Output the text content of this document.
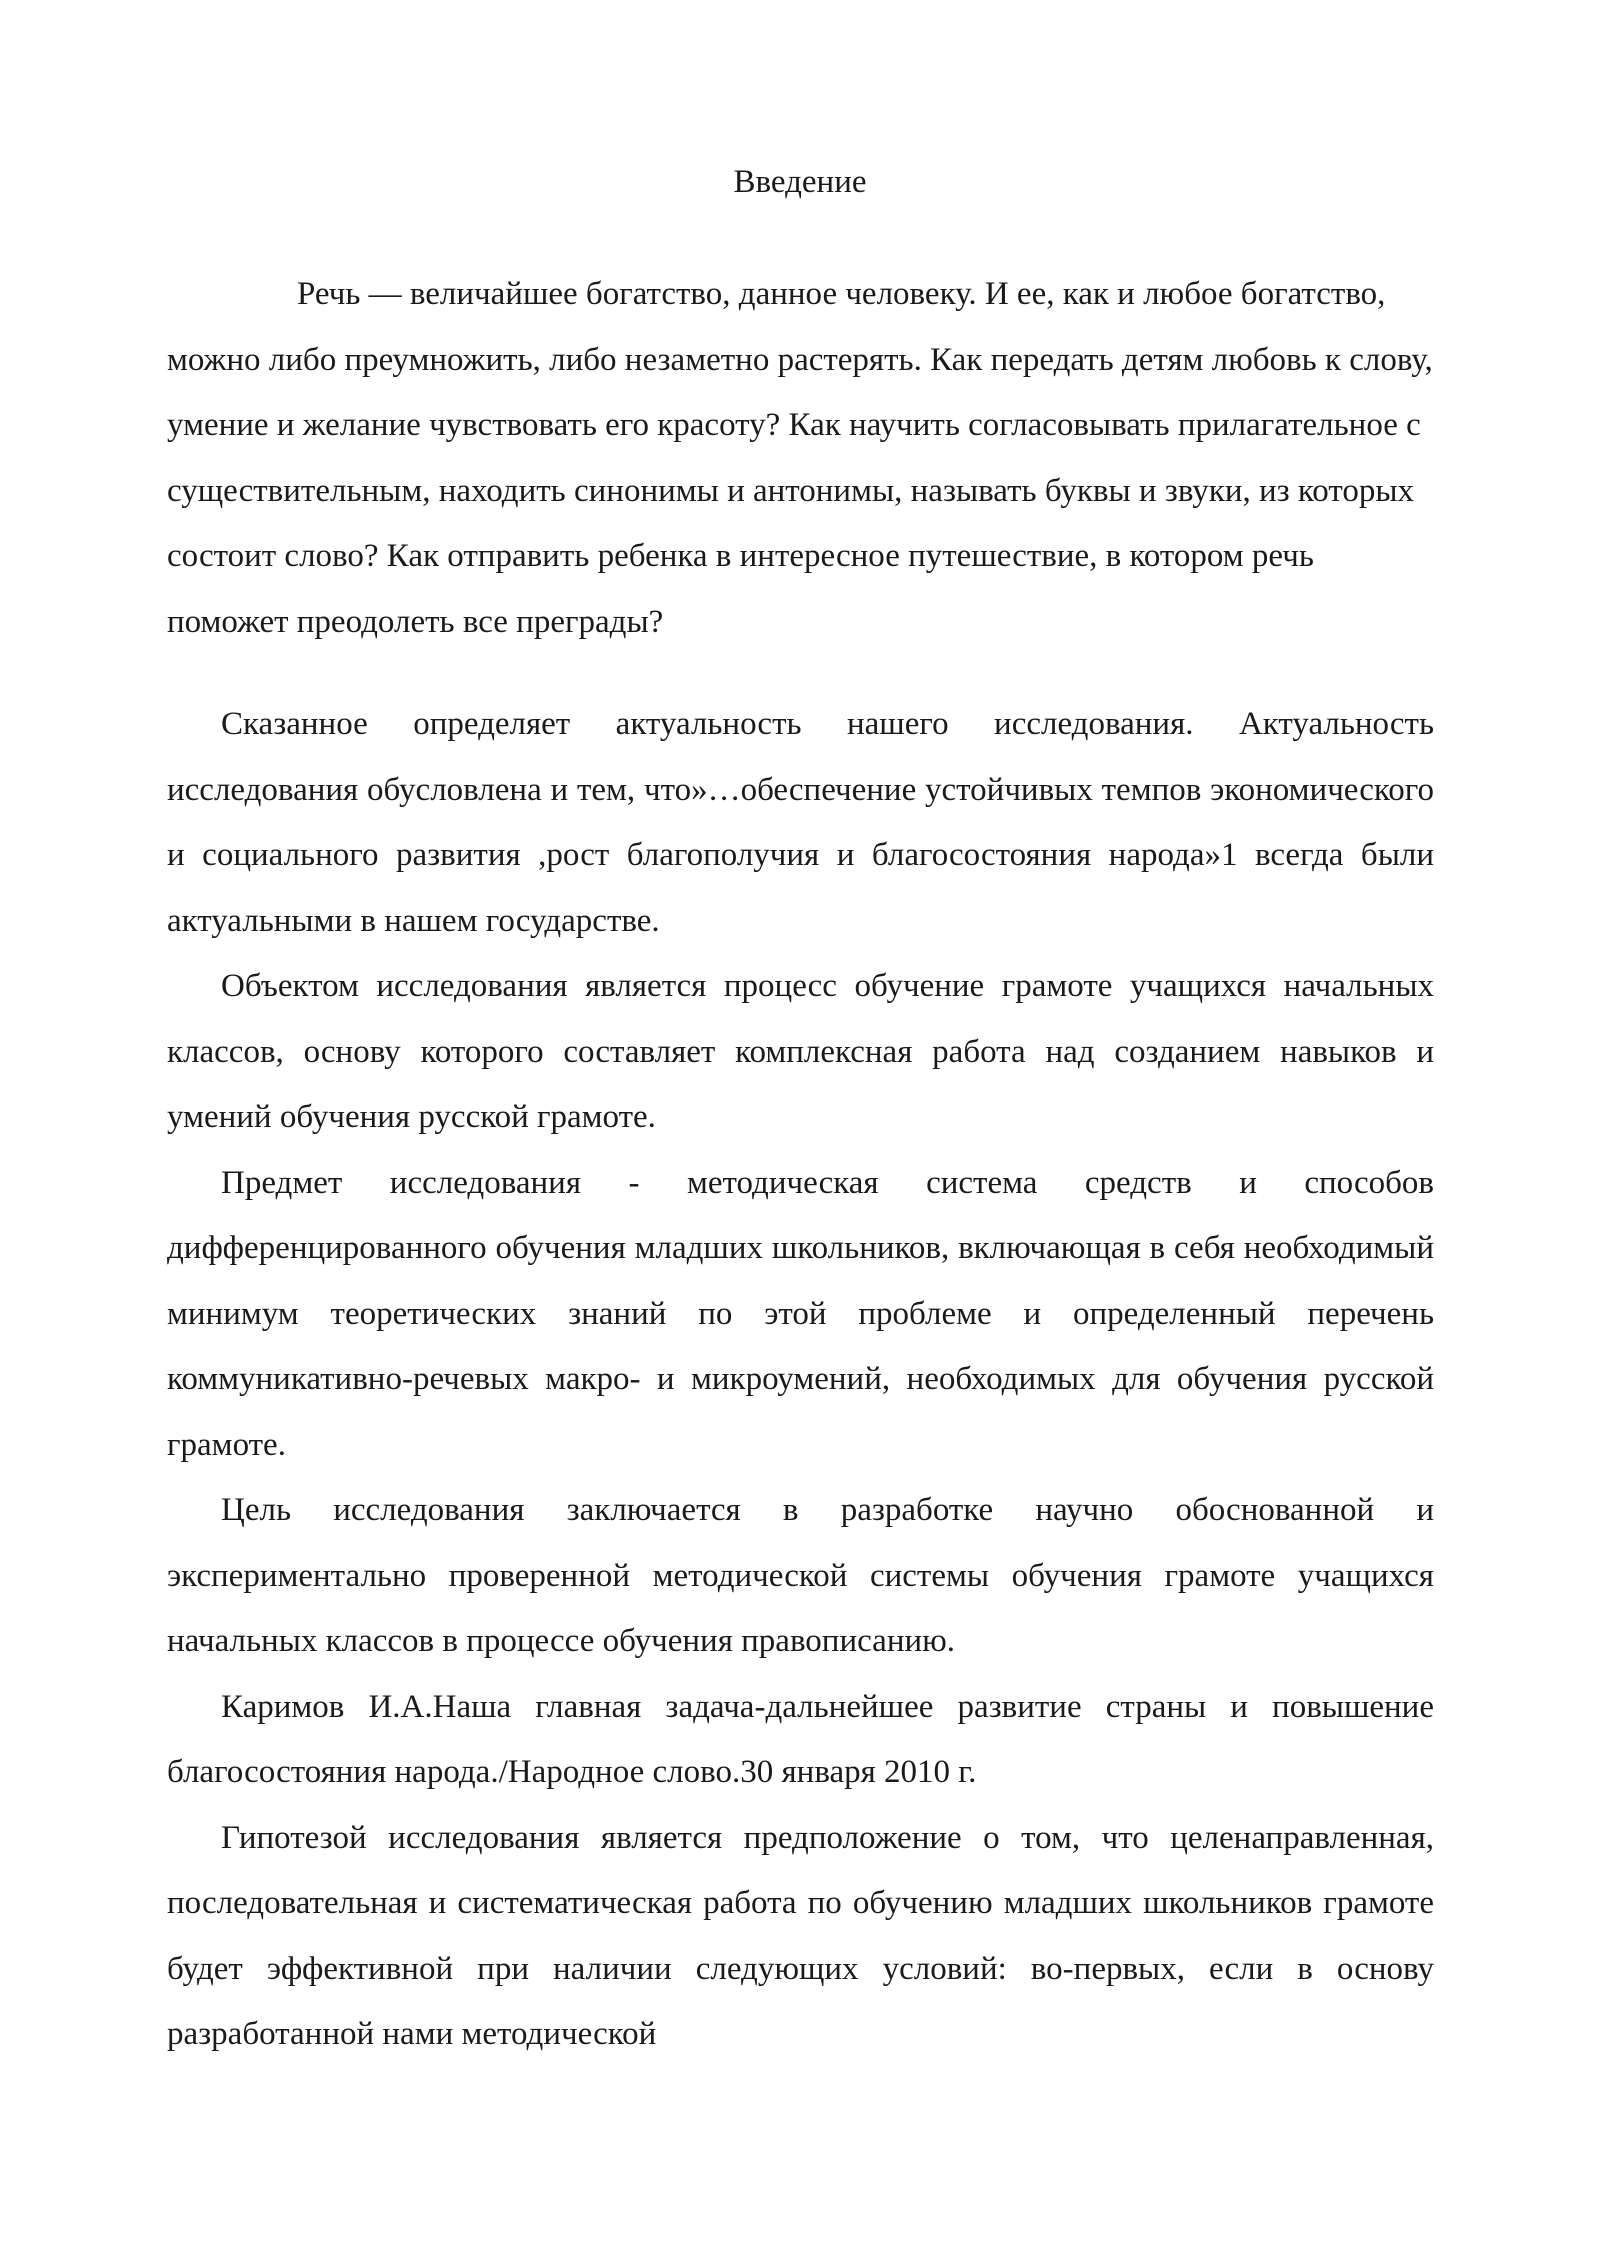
Введение

Речь — величайшее богатство, данное человеку. И ее, как и любое богатство, можно либо преумножить, либо незаметно растерять. Как передать детям любовь к слову, умение и желание чувствовать его красоту? Как научить согласовывать прилагательное с существительным, находить синонимы и антонимы, называть буквы и звуки, из которых состоит слово? Как отправить ребенка в интересное путешествие, в котором речь поможет преодолеть все преграды?

Сказанное определяет актуальность нашего исследования. Актуальность исследования обусловлена и тем, что»…обеспечение устойчивых темпов экономического и социального развития ,рост благополучия и благосостояния народа»1 всегда были актуальными в нашем государстве.

Объектом исследования является процесс обучение грамоте учащихся начальных классов, основу которого составляет комплексная работа над созданием навыков и умений обучения русской грамоте.

Предмет исследования - методическая система средств и способов дифференцированного обучения младших школьников, включающая в себя необходимый минимум теоретических знаний по этой проблеме и определенный перечень коммуникативно-речевых макро- и микроумений, необходимых для обучения русской грамоте.

Цель исследования заключается в разработке научно обоснованной и экспериментально проверенной методической системы обучения грамоте учащихся начальных классов в процессе обучения правописанию.

Каримов И.А.Наша главная задача-дальнейшее развитие страны и повышение благосостояния народа./Народное слово.30 января 2010 г.

Гипотезой исследования является предположение о том, что целенаправленная, последовательная и систематическая работа по обучению младших школьников грамоте будет эффективной при наличии следующих условий: во-первых, если в основу разработанной нами методической
